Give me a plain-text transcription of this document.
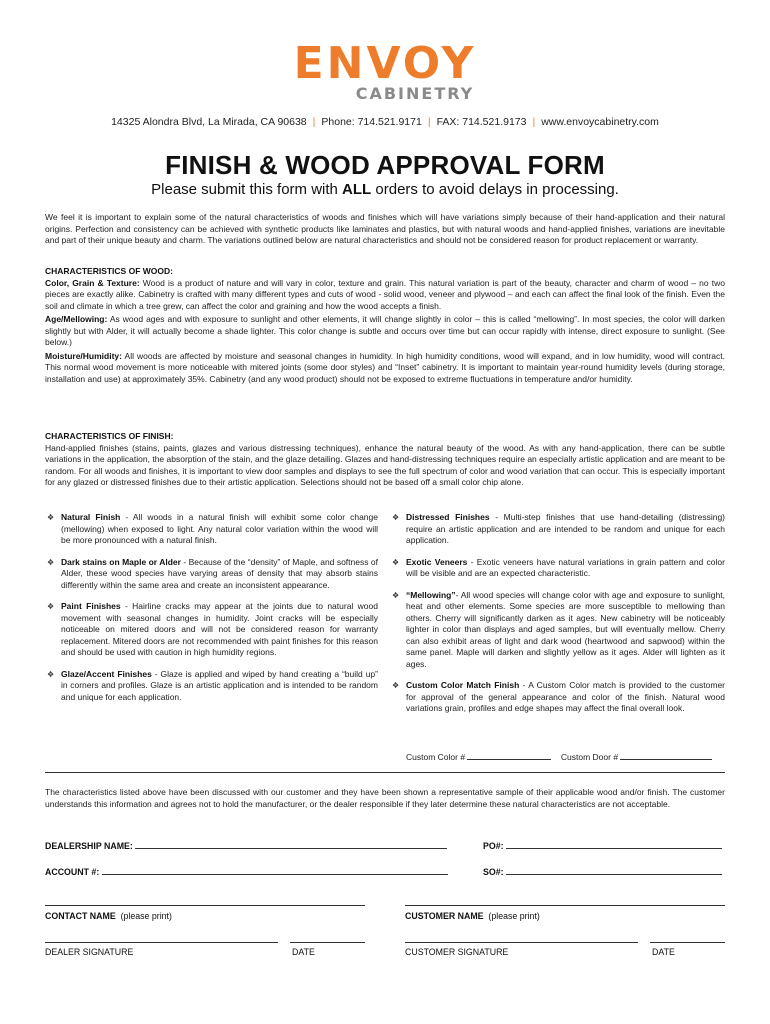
ENVOY
CABINETRY
14325 Alondra Blvd, La Mirada, CA 90638 | Phone: 714.521.9171 | FAX: 714.521.9173 | www.envoycabinetry.com
FINISH & WOOD APPROVAL FORM
Please submit this form with ALL orders to avoid delays in processing.
We feel it is important to explain some of the natural characteristics of woods and finishes which will have variations simply because of their hand-application and their natural origins. Perfection and consistency can be achieved with synthetic products like laminates and plastics, but with natural woods and hand-applied finishes, variations are inevitable and part of their unique beauty and charm. The variations outlined below are natural characteristics and should not be considered reason for product replacement or warranty.
CHARACTERISTICS OF WOOD:
Color, Grain & Texture: Wood is a product of nature and will vary in color, texture and grain. This natural variation is part of the beauty, character and charm of wood – no two pieces are exactly alike. Cabinetry is crafted with many different types and cuts of wood - solid wood, veneer and plywood – and each can affect the final look of the finish. Even the soil and climate in which a tree grew, can affect the color and graining and how the wood accepts a finish.
Age/Mellowing: As wood ages and with exposure to sunlight and other elements, it will change slightly in color – this is called “mellowing”. In most species, the color will darken slightly but with Alder, it will actually become a shade lighter. This color change is subtle and occurs over time but can occur rapidly with intense, direct exposure to sunlight. (See below.)
Moisture/Humidity: All woods are affected by moisture and seasonal changes in humidity. In high humidity conditions, wood will expand, and in low humidity, wood will contract. This normal wood movement is more noticeable with mitered joints (some door styles) and “Inset” cabinetry. It is important to maintain year-round humidity levels (during storage, installation and use) at approximately 35%. Cabinetry (and any wood product) should not be exposed to extreme fluctuations in temperature and/or humidity.
CHARACTERISTICS OF FINISH:
Hand-applied finishes (stains, paints, glazes and various distressing techniques), enhance the natural beauty of the wood. As with any hand-application, there can be subtle variations in the application, the absorption of the stain, and the glaze detailing. Glazes and hand-distressing techniques require an especially artistic application and are meant to be random. For all woods and finishes, it is important to view door samples and displays to see the full spectrum of color and wood variation that can occur. This is especially important for any glazed or distressed finishes due to their artistic application. Selections should not be based off a small color chip alone.
❖ Natural Finish - All woods in a natural finish will exhibit some color change (mellowing) when exposed to light. Any natural color variation within the wood will be more pronounced with a natural finish.
❖ Dark stains on Maple or Alder - Because of the “density” of Maple, and softness of Alder, these wood species have varying areas of density that may absorb stains differently within the same area and create an inconsistent appearance.
❖ Paint Finishes - Hairline cracks may appear at the joints due to natural wood movement with seasonal changes in humidity. Joint cracks will be especially noticeable on mitered doors and will not be considered reason for warranty replacement. Mitered doors are not recommended with paint finishes for this reason and should be used with caution in high humidity regions.
❖ Glaze/Accent Finishes - Glaze is applied and wiped by hand creating a “build up” in corners and profiles. Glaze is an artistic application and is intended to be random and unique for each application.
❖ Distressed Finishes - Multi-step finishes that use hand-detailing (distressing) require an artistic application and are intended to be random and unique for each application.
❖ Exotic Veneers - Exotic veneers have natural variations in grain pattern and color will be visible and are an expected characteristic.
❖ “Mellowing”- All wood species will change color with age and exposure to sunlight, heat and other elements. Some species are more susceptible to mellowing than others. Cherry will significantly darken as it ages. New cabinetry will be noticeably lighter in color than displays and aged samples, but will eventually mellow. Cherry can also exhibit areas of light and dark wood (heartwood and sapwood) within the same panel. Maple will darken and slightly yellow as it ages. Alder will lighten as it ages.
❖ Custom Color Match Finish - A Custom Color match is provided to the customer for approval of the general appearance and color of the finish. Natural wood variations grain, profiles and edge shapes may affect the final overall look.
Custom Color #	Custom Door #
The characteristics listed above have been discussed with our customer and they have been shown a representative sample of their applicable wood and/or finish. The customer understands this information and agrees not to hold the manufacturer, or the dealer responsible if they later determine these natural characteristics are not acceptable.
DEALERSHIP NAME:	PO#:
ACCOUNT #:	SO#:
CONTACT NAME (please print)	CUSTOMER NAME (please print)
DEALER SIGNATURE	DATE	CUSTOMER SIGNATURE	DATE
